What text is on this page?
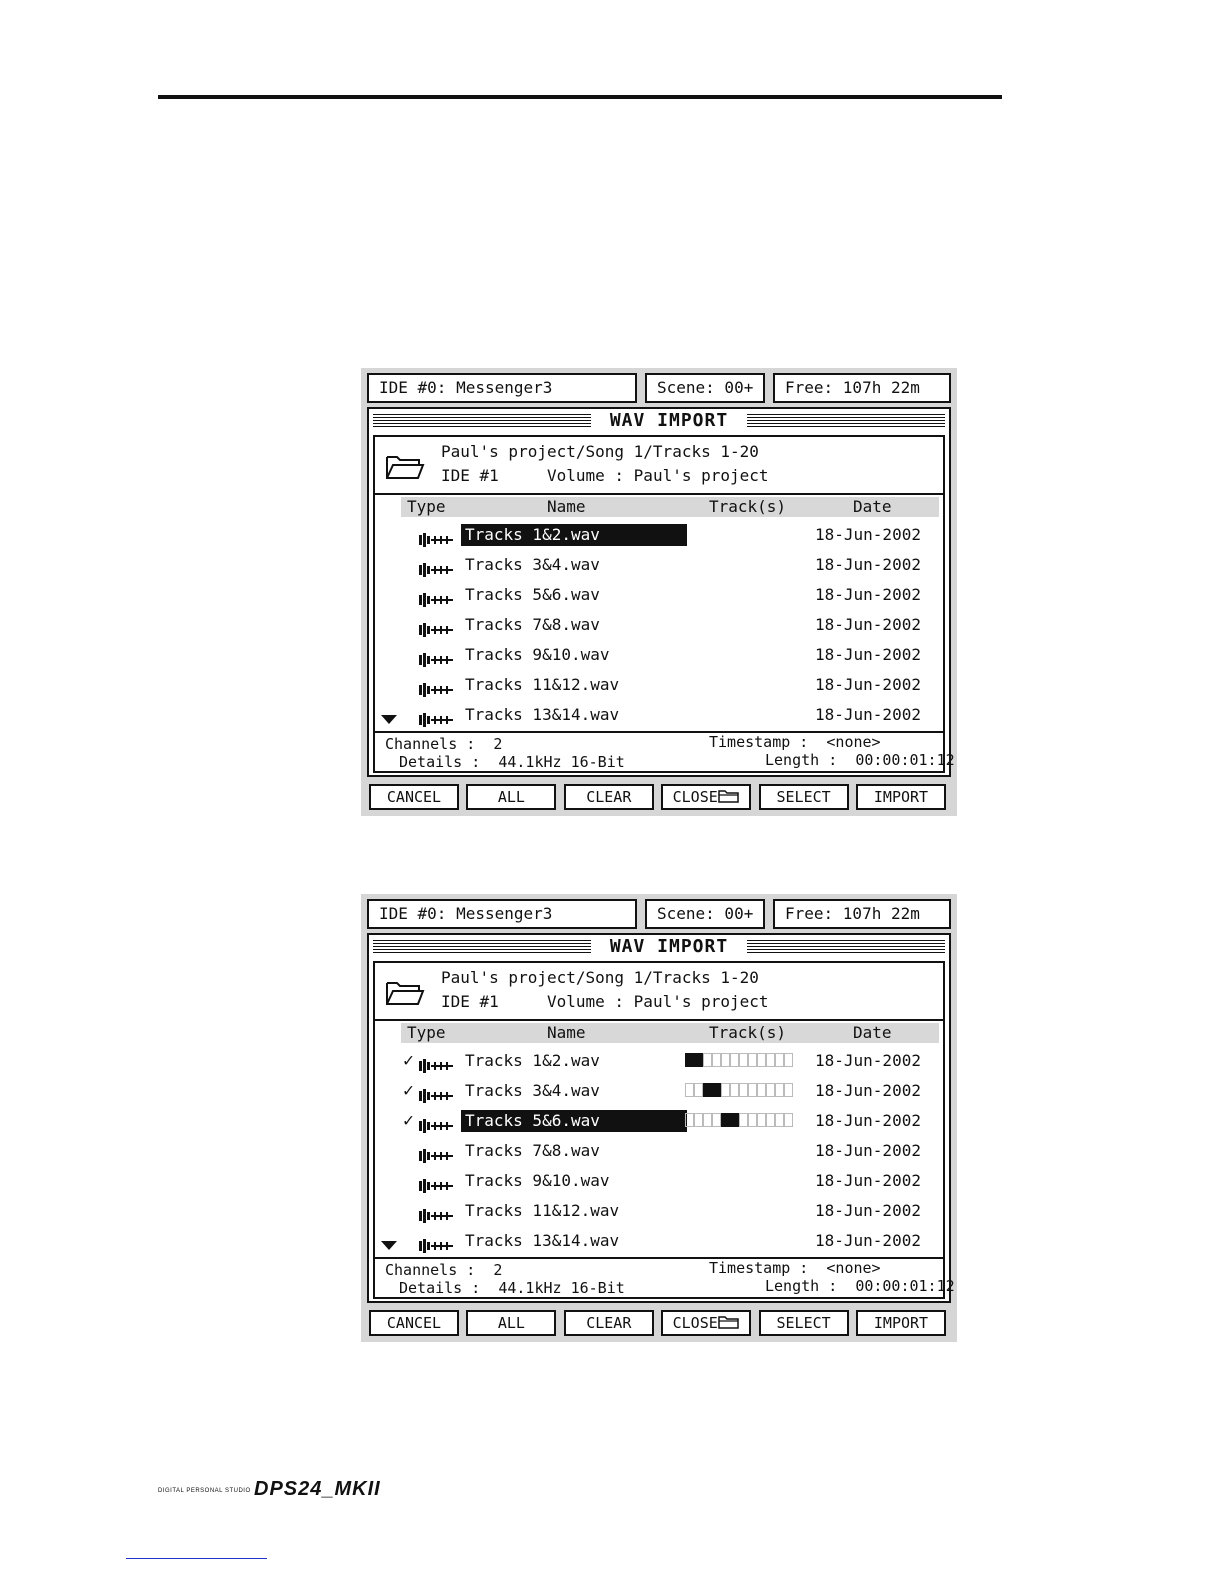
IDE #0: Messenger3	Scene: 00+	Free: 107h 22m
WAV IMPORT
Paul's project/Song 1/Tracks 1-20
IDE #1	Volume : Paul's project
Type	Name	Track(s)	Date
Tracks 1&2.wav	18-Jun-2002
Tracks 3&4.wav	18-Jun-2002
Tracks 5&6.wav	18-Jun-2002
Tracks 7&8.wav	18-Jun-2002
Tracks 9&10.wav	18-Jun-2002
Tracks 11&12.wav	18-Jun-2002
Tracks 13&14.wav	18-Jun-2002
Channels :  2
Details :  44.1kHz 16-Bit
Timestamp :  <none>
Length :  00:00:01:12
CANCEL	ALL	CLEAR	CLOSE	SELECT	IMPORT
IDE #0: Messenger3	Scene: 00+	Free: 107h 22m
WAV IMPORT
Paul's project/Song 1/Tracks 1-20
IDE #1	Volume : Paul's project
Type	Name	Track(s)	Date
✓	Tracks 1&2.wav	18-Jun-2002
✓	Tracks 3&4.wav	18-Jun-2002
✓	Tracks 5&6.wav	18-Jun-2002
Tracks 7&8.wav	18-Jun-2002
Tracks 9&10.wav	18-Jun-2002
Tracks 11&12.wav	18-Jun-2002
Tracks 13&14.wav	18-Jun-2002
Channels :  2
Details :  44.1kHz 16-Bit
Timestamp :  <none>
Length :  00:00:01:12
CANCEL	ALL	CLEAR	CLOSE	SELECT	IMPORT
DIGITAL PERSONAL STUDIO DPS24_MKII
